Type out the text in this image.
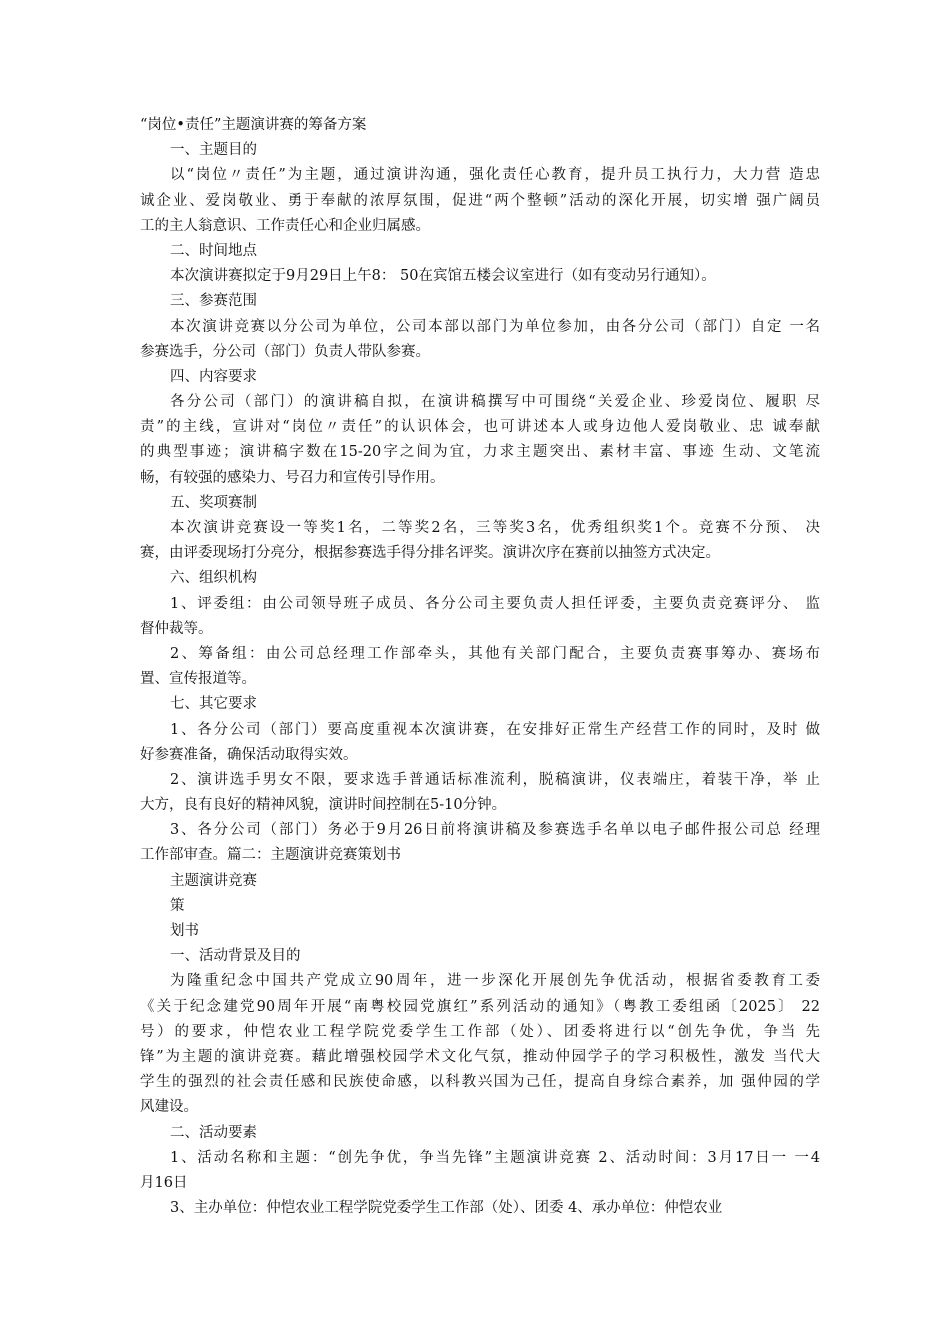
“岗位•责任”主题演讲赛的筹备方案
一、主题目的
以“岗位〃责任”为主题，通过演讲沟通，强化责任心教育，提升员工执行力，大力营 造忠
诚企业、爱岗敬业、勇于奉献的浓厚氛围，促进“两个整顿”活动的深化开展，切实增 强广阔员
工的主人翁意识、工作责任心和企业归属感。
二、时间地点
本次演讲赛拟定于9月29日上午8： 50在宾馆五楼会议室进行（如有变动另行通知）。
三、参赛范围
本次演讲竞赛以分公司为单位，公司本部以部门为单位参加，由各分公司（部门）自定 一名
参赛选手，分公司（部门）负责人带队参赛。
四、内容要求
各分公司（部门）的演讲稿自拟，在演讲稿撰写中可围绕“关爱企业、珍爱岗位、履职 尽
责”的主线，宣讲对“岗位〃责任”的认识体会，也可讲述本人或身边他人爱岗敬业、忠 诚奉献
的典型事迹；演讲稿字数在15-20字之间为宜，力求主题突出、素材丰富、事迹 生动、文笔流
畅，有较强的感染力、号召力和宣传引导作用。
五、奖项赛制
本次演讲竞赛设一等奖1名，二等奖2名，三等奖3名，优秀组织奖1个。竞赛不分预、 决
赛，由评委现场打分亮分，根据参赛选手得分排名评奖。演讲次序在赛前以抽签方式决定。
六、组织机构
1、评委组：由公司领导班子成员、各分公司主要负责人担任评委，主要负责竞赛评分、 监
督仲裁等。
2、筹备组：由公司总经理工作部牵头，其他有关部门配合，主要负责赛事筹办、赛场布
置、宣传报道等。
七、其它要求
1、各分公司（部门）要高度重视本次演讲赛，在安排好正常生产经营工作的同时，及时 做
好参赛准备，确保活动取得实效。
2、演讲选手男女不限，要求选手普通话标准流利，脱稿演讲，仪表端庄，着装干净，举 止
大方，良有良好的精神风貌，演讲时间控制在5-10分钟。
3、各分公司（部门）务必于9月26日前将演讲稿及参赛选手名单以电子邮件报公司总 经理
工作部审查。篇二：主题演讲竞赛策划书
主题演讲竞赛
策
划书
一、活动背景及目的
为隆重纪念中国共产党成立90周年，进一步深化开展创先争优活动，根据省委教育工委
《关于纪念建党90周年开展“南粤校园党旗红”系列活动的通知》（粤教工委组函〔2025〕 22
号）的要求，仲恺农业工程学院党委学生工作部（处）、团委将进行以“创先争优，争当 先
锋”为主题的演讲竞赛。藉此增强校园学术文化气氛，推动仲园学子的学习积极性，激发 当代大
学生的强烈的社会责任感和民族使命感，以科教兴国为己任，提高自身综合素养，加 强仲园的学
风建设。
二、活动要素
1、活动名称和主题：“创先争优，争当先锋”主题演讲竞赛 2、活动时间：3月17日一 一4
月16日
3、主办单位：仲恺农业工程学院党委学生工作部（处）、团委 4、承办单位：仲恺农业
